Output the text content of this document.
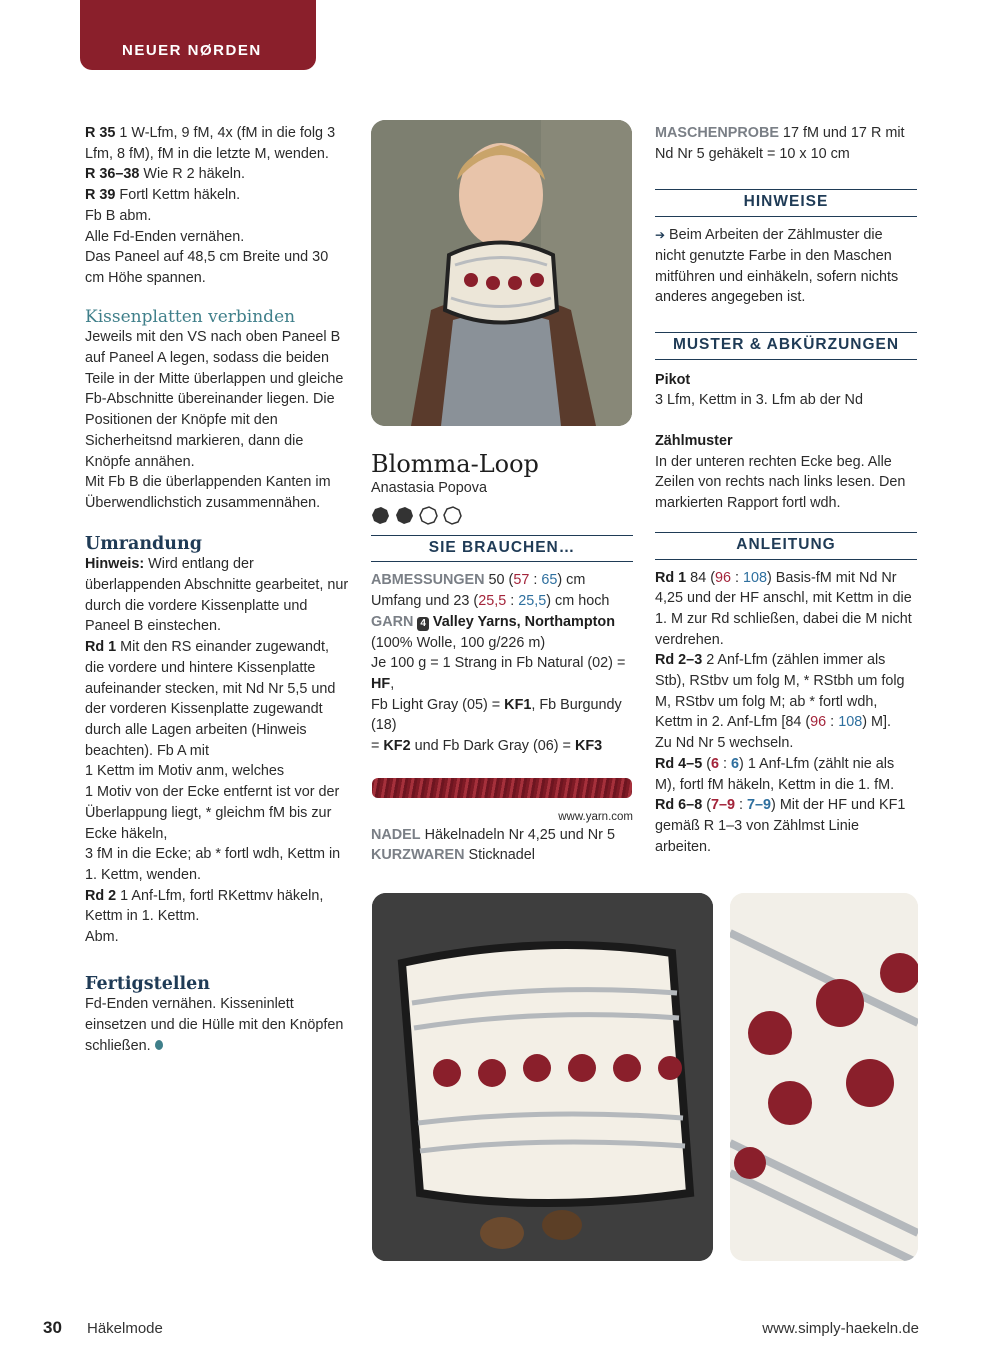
NEUER NØRDEN

R 35 1 W-Lfm, 9 fM, 4x (fM in die folg 3 Lfm, 8 fM), fM in die letzte M, wenden.

R 36–38 Wie R 2 häkeln.

R 39 Fortl Kettm häkeln.

Fb B abm.

Alle Fd-Enden vernähen.

Das Paneel auf 48,5 cm Breite und 30 cm Höhe spannen.

Kissenplatten verbinden

Jeweils mit den VS nach oben Paneel B auf Paneel A legen, sodass die beiden Teile in der Mitte überlappen und gleiche Fb-Abschnitte übereinander liegen. Die Positionen der Knöpfe mit den Sicherheitsnd markieren, dann die Knöpfe annähen.

Mit Fb B die überlappenden Kanten im Überwendlichstich zusammennähen.

Umrandung

Hinweis: Wird entlang der überlappenden Abschnitte gearbeitet, nur durch die vordere Kissenplatte und Paneel B einstechen.

Rd 1 Mit den RS einander zugewandt, die vordere und hintere Kissenplatte aufeinander stecken, mit Nd Nr 5,5 und der vorderen Kissenplatte zugewandt durch alle Lagen arbeiten (Hinweis beachten). Fb A mit

1 Kettm im Motiv anm, welches

1 Motiv von der Ecke entfernt ist vor der Überlappung liegt, * gleichm fM bis zur Ecke häkeln,

3 fM in die Ecke; ab * fortl wdh, Kettm in 1. Kettm, wenden.

Rd 2 1 Anf-Lfm, fortl RKettmv häkeln, Kettm in 1. Kettm.

Abm.

Fertigstellen

Fd-Enden vernähen. Kisseninlett einsetzen und die Hülle mit den Knöpfen schließen.

Blomma-Loop
Anastasia Popova
SIE BRAUCHEN…

ABMESSUNGEN 50 (57 : 65) cm Umfang und 23 (25,5 : 25,5) cm hoch

GARN 4 Valley Yarns, Northampton

(100% Wolle, 100 g/226 m)

Je 100 g = 1 Strang in Fb Natural (02) = HF,

Fb Light Gray (05) = KF1, Fb Burgundy (18)

= KF2 und Fb Dark Gray (06) = KF3

www.yarn.com

NADEL Häkelnadeln Nr 4,25 und Nr 5

KURZWAREN Sticknadel

MASCHENPROBE 17 fM und 17 R mit Nd Nr 5 gehäkelt = 10 x 10 cm

HINWEISE

➔ Beim Arbeiten der Zählmuster die nicht genutzte Farbe in den Maschen mitführen und einhäkeln, sofern nichts anderes angegeben ist.

MUSTER & ABKÜRZUNGEN

Pikot

3 Lfm, Kettm in 3. Lfm ab der Nd

Zählmuster

In der unteren rechten Ecke beg. Alle Zeilen von rechts nach links lesen. Den markierten Rapport fortl wdh.

ANLEITUNG

Rd 1 84 (96 : 108) Basis-fM mit Nd Nr 4,25 und der HF anschl, mit Kettm in die 1. M zur Rd schließen, dabei die M nicht verdrehen.

Rd 2–3 2 Anf-Lfm (zählen immer als Stb), RStbv um folg M, * RStbh um folg M, RStbv um folg M; ab * fortl wdh, Kettm in 2. Anf-Lfm [84 (96 : 108) M].

Zu Nd Nr 5 wechseln.

Rd 4–5 (6 : 6) 1 Anf-Lfm (zählt nie als M), fortl fM häkeln, Kettm in die 1. fM.

Rd 6–8 (7–9 : 7–9) Mit der HF und KF1 gemäß R 1–3 von Zählmst Linie arbeiten.

30 Häkelmode	www.simply-haekeln.de
